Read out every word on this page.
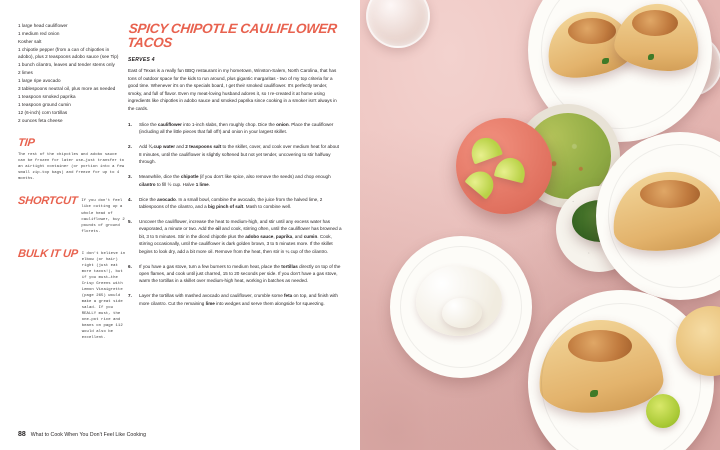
1 large head cauliflower
1 medium red onion
Kosher salt
1 chipotle pepper (from a can of chipotles in adobo), plus 2 teaspoons adobo sauce (see Tip)
1 bunch cilantro, leaves and tender stems only
2 limes
1 large ripe avocado
3 tablespoons neutral oil, plus more as needed
1 teaspoon smoked paprika
1 teaspoon ground cumin
12 (6-inch) corn tortillas
2 ounces feta cheese
TIP
The rest of the chipotles and adobo sauce can be frozen for later use—just transfer to an airtight container (or portion into a few small zip-top bags) and freeze for up to 4 months.
SHORTCUT If you don't feel like cutting up a whole head of cauliflower, buy 2 pounds of ground florets.
BULK IT UP I don't believe in elbow (or hair) right (just eat more tacos!), but if you must—the Crisp Greens with Lemon Vinaigrette (page 265) would make a great side salad. If you REALLY must, the one-pot rice and beans on page 112 would also be excellent.
88 What to Cook When You Don't Feel Like Cooking
SPICY CHIPOTLE CAULIFLOWER TACOS
SERVES 4

East of Texas is a really fun BBQ restaurant in my hometown, Winston-Salem, North Carolina, that has tons of outdoor space for the kids to run around, plus gigantic margaritas - two of my top criteria for a good time. Whenever it's on the specials board, I get their smoked cauliflower. It's perfectly tender, smoky, and full of flavor. Even my meat-loving husband adores it, so I re-created it at home using ingredients like chipotles in adobo sauce and smoked paprika since cooking in a smoker isn't always in the cards.

Slice the cauliflower into 1-inch slabs, then roughly chop. Dice the onion. Place the cauliflower (including all the little pieces that fall off!) and onion in your largest skillet.
Add ¼ cup water and 2 teaspoons salt to the skillet, cover, and cook over medium heat for about 8 minutes, until the cauliflower is slightly softened but not yet tender, uncovering to stir halfway through.
Meanwhile, dice the chipotle (if you don't like spice, also remove the seeds) and chop enough cilantro to fill ½ cup. Halve 1 lime.
Dice the avocado. In a small bowl, combine the avocado, the juice from the halved lime, 2 tablespoons of the cilantro, and a big pinch of salt. Mash to combine well.
Uncover the cauliflower, increase the heat to medium-high, and stir until any excess water has evaporated, a minute or two. Add the oil and cook, stirring often, until the cauliflower has browned a bit, 3 to 5 minutes. Stir in the diced chipotle plus the adobo sauce, paprika, and cumin. Cook, stirring occasionally, until the cauliflower is dark golden brown, 3 to 5 minutes more. If the skillet begins to look dry, add a bit more oil. Remove from the heat, then stir in ¼ cup of the cilantro.
If you have a gas stove, turn a few burners to medium heat, place the tortillas directly on top of the open flames, and cook until just charred, 15 to 20 seconds per side. If you don't have a gas stove, warm the tortillas in a skillet over medium-high heat, working in batches as needed.
Layer the tortillas with mashed avocado and cauliflower, crumble some feta on top, and finish with more cilantro. Cut the remaining lime into wedges and serve them alongside for squeezing.
